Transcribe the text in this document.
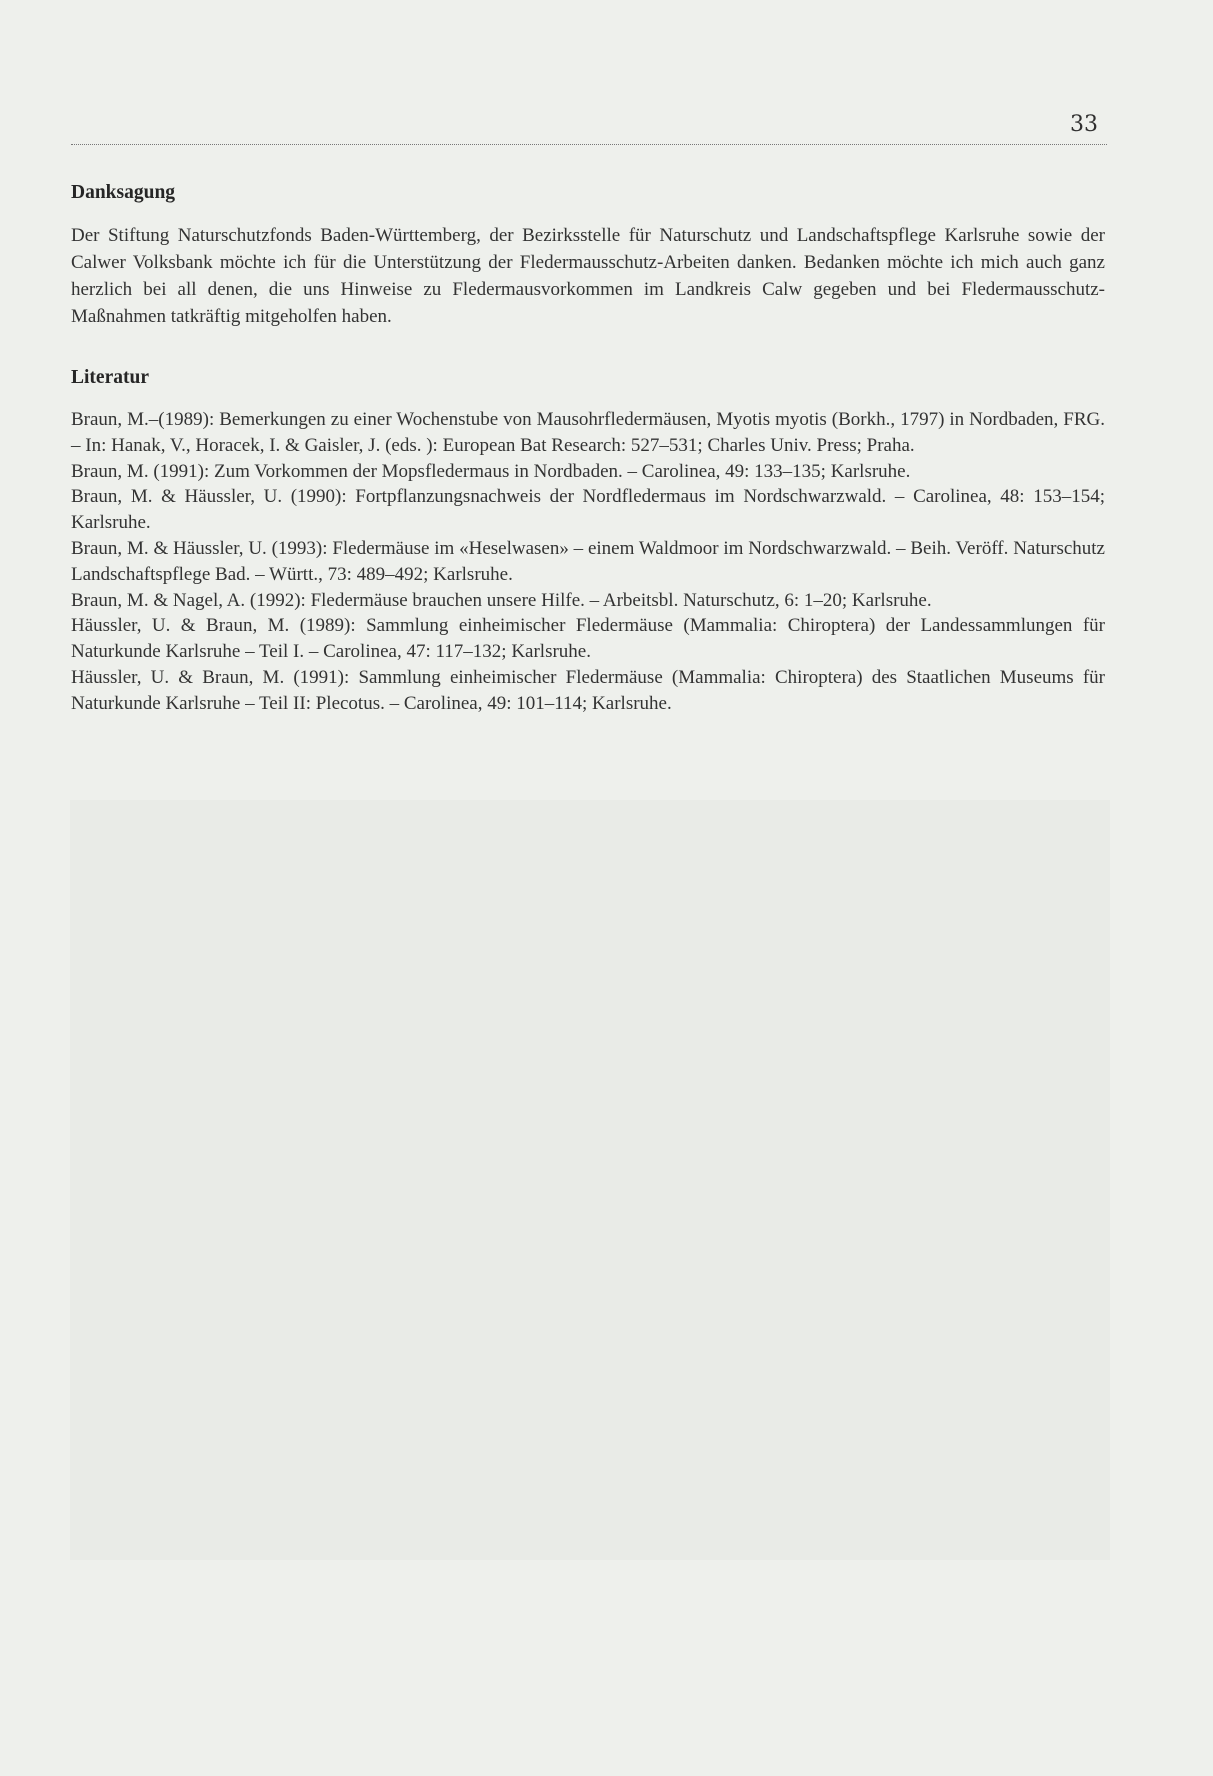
33
Danksagung

Der Stiftung Naturschutzfonds Baden-Württemberg, der Bezirksstelle für Naturschutz und Landschaftspflege Karlsruhe sowie der Calwer Volksbank möchte ich für die Unterstützung der Fledermausschutz-Arbeiten danken. Bedanken möchte ich mich auch ganz herzlich bei all denen, die uns Hinweise zu Fledermausvorkommen im Landkreis Calw gegeben und bei Fledermausschutz-Maßnahmen tatkräftig mitgeholfen haben.

Literatur
Braun, M.–(1989): Bemerkungen zu einer Wochenstube von Mausohrfledermäusen, Myotis myotis (Borkh., 1797) in Nordbaden, FRG. – In: Hanak, V., Horacek, I. & Gaisler, J. (eds. ): European Bat Research: 527–531; Charles Univ. Press; Praha.
Braun, M. (1991): Zum Vorkommen der Mopsfledermaus in Nordbaden. – Carolinea, 49: 133–135; Karlsruhe.
Braun, M. & Häussler, U. (1990): Fortpflanzungsnachweis der Nordfledermaus im Nordschwarzwald. – Carolinea, 48: 153–154; Karlsruhe.
Braun, M. & Häussler, U. (1993): Fledermäuse im «Heselwasen» – einem Waldmoor im Nordschwarzwald. – Beih. Veröff. Naturschutz Landschaftspflege Bad. – Württ., 73: 489–492; Karlsruhe.
Braun, M. & Nagel, A. (1992): Fledermäuse brauchen unsere Hilfe. – Arbeitsbl. Naturschutz, 6: 1–20; Karlsruhe.
Häussler, U. & Braun, M. (1989): Sammlung einheimischer Fledermäuse (Mammalia: Chiroptera) der Landessammlungen für Naturkunde Karlsruhe – Teil I. – Carolinea, 47: 117–132; Karlsruhe.
Häussler, U. & Braun, M. (1991): Sammlung einheimischer Fledermäuse (Mammalia: Chiroptera) des Staatlichen Museums für Naturkunde Karlsruhe – Teil II: Plecotus. – Carolinea, 49: 101–114; Karlsruhe.
